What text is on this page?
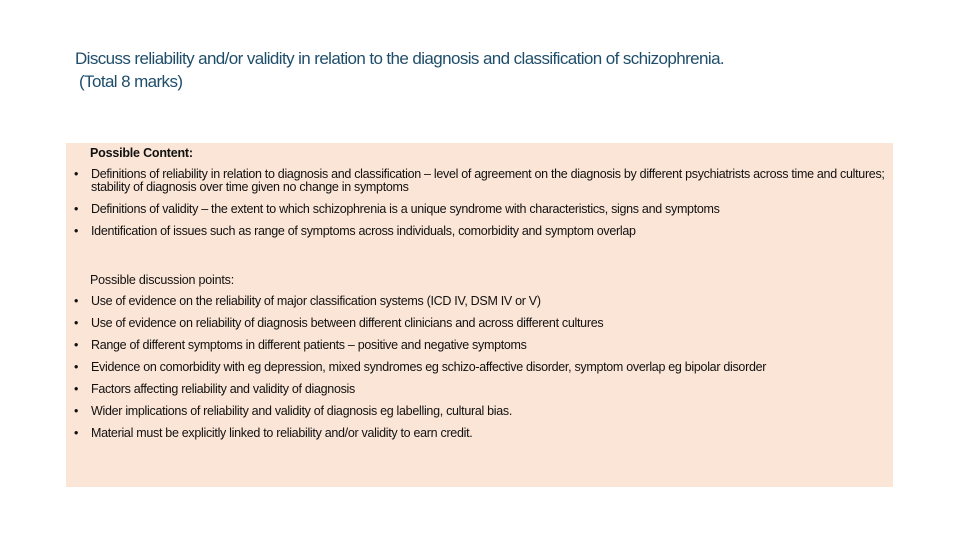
Discuss reliability and/or validity in relation to the diagnosis and classification of schizophrenia.
(Total 8 marks)
Possible Content:
• Definitions of reliability in relation to diagnosis and classification – level of agreement on the diagnosis by different psychiatrists across time and cultures; stability of diagnosis over time given no change in symptoms
• Definitions of validity – the extent to which schizophrenia is a unique syndrome with characteristics, signs and symptoms
• Identification of issues such as range of symptoms across individuals, comorbidity and symptom overlap
Possible discussion points:
• Use of evidence on the reliability of major classification systems (ICD IV, DSM IV or V)
• Use of evidence on reliability of diagnosis between different clinicians and across different cultures
• Range of different symptoms in different patients – positive and negative symptoms
• Evidence on comorbidity with eg depression, mixed syndromes eg schizo-affective disorder, symptom overlap eg bipolar disorder
• Factors affecting reliability and validity of diagnosis
• Wider implications of reliability and validity of diagnosis eg labelling, cultural bias.
• Material must be explicitly linked to reliability and/or validity to earn credit.
